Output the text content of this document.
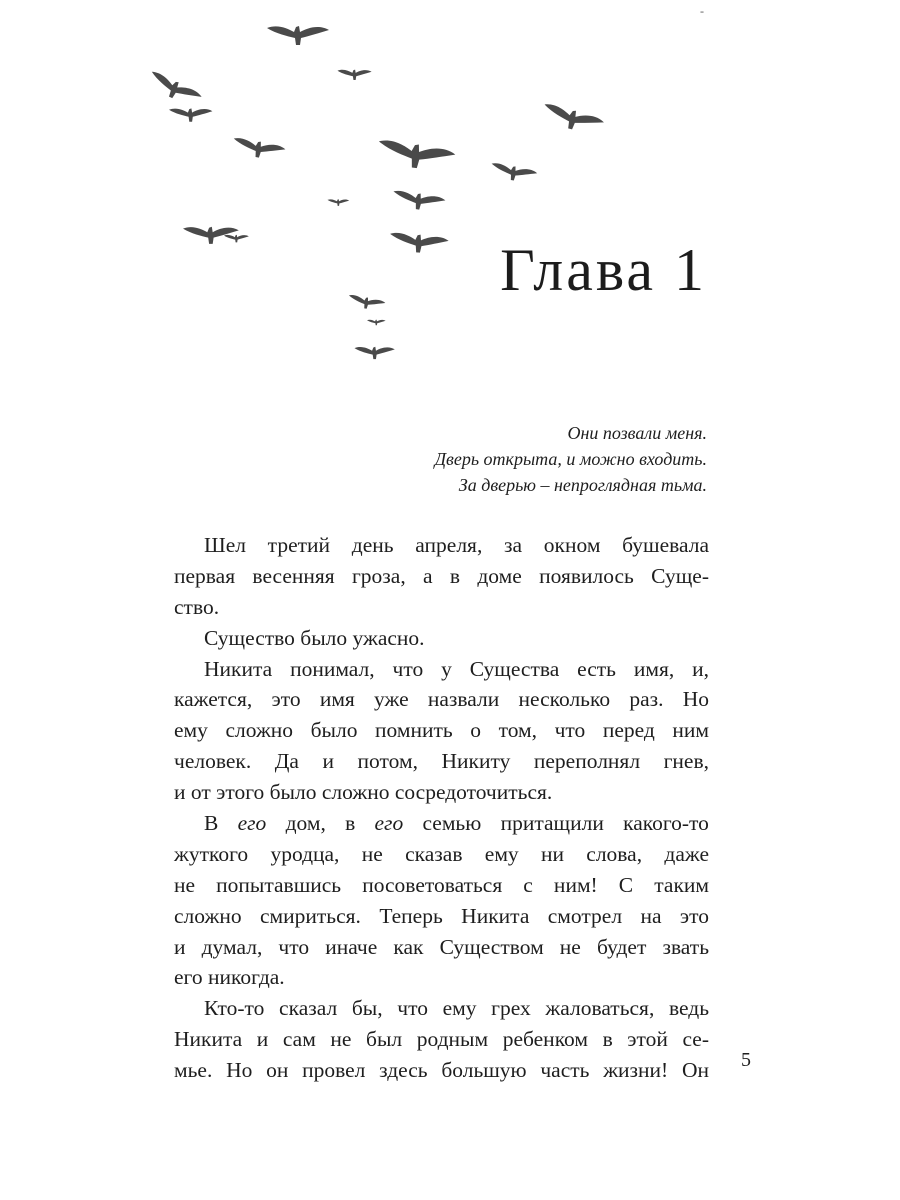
-
Глава 1
Они позвали меня.
Дверь открыта, и можно входить.
За дверью – непроглядная тьма.

Шел третий день апреля, за окном бушевала
первая весенняя гроза, а в доме появилось Суще-
ство.

Существо было ужасно.

Никита понимал, что у Существа есть имя, и,
кажется, это имя уже назвали несколько раз. Но
ему сложно было помнить о том, что перед ним
человек. Да и потом, Никиту переполнял гнев,
и от этого было сложно сосредоточиться.

В его дом, в его семью притащили какого-то
жуткого уродца, не сказав ему ни слова, даже
не попытавшись посоветоваться с ним! С таким
сложно смириться. Теперь Никита смотрел на это
и думал, что иначе как Существом не будет звать
его никогда.

Кто-то сказал бы, что ему грех жаловаться, ведь
Никита и сам не был родным ребенком в этой се-
мье. Но он провел здесь большую часть жизни! Он 5
